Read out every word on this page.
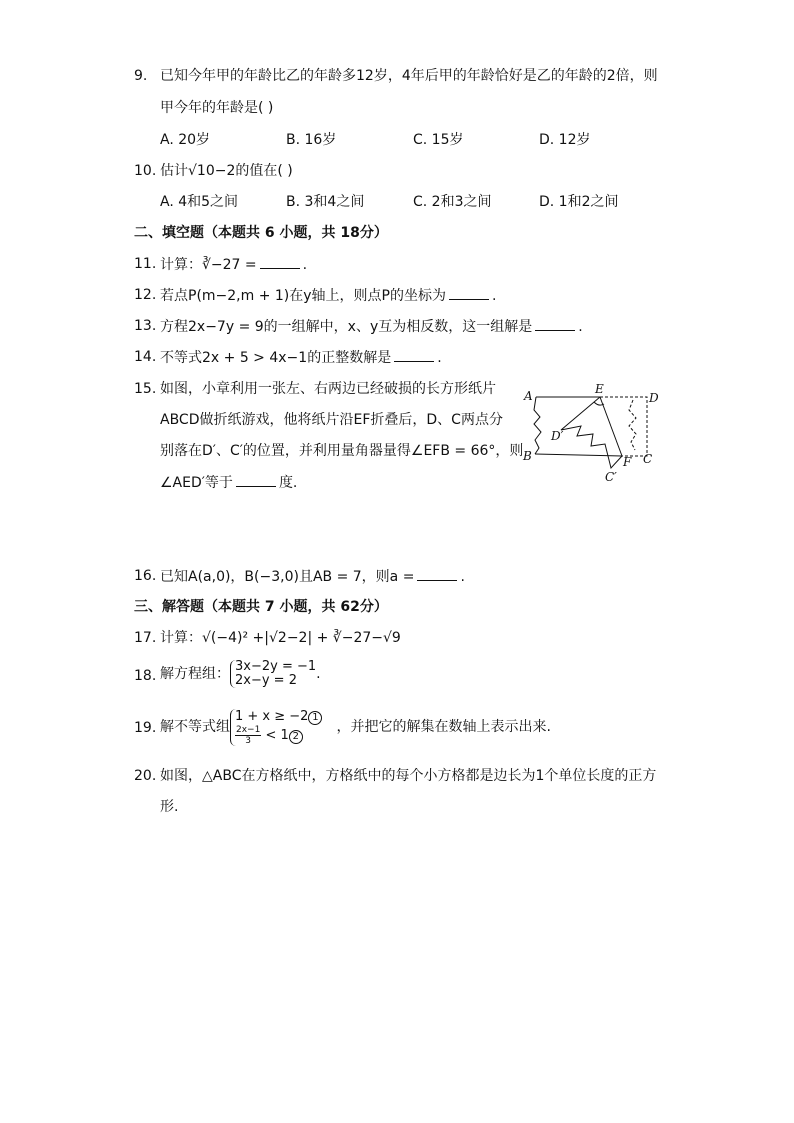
9. 已知今年甲的年龄比乙的年龄多12岁，4年后甲的年龄恰好是乙的年龄的2倍，则
甲今年的年龄是( )
A. 20岁	B. 16岁	C. 15岁	D. 12岁
10. 估计√10−2的值在( )
A. 4和5之间	B. 3和4之间	C. 2和3之间	D. 1和2之间
二、填空题（本题共 6 小题，共 18分）
11. 计算：∛−27 =	.
12. 若点P(m−2,m + 1)在y轴上，则点P的坐标为	.
13. 方程2x−7y = 9的一组解中，x、y互为相反数，这一组解是	.
14. 不等式2x + 5 > 4x−1的正整数解是	.
15. 如图，小章利用一张左、右两边已经破损的长方形纸片
ABCD做折纸游戏，他将纸片沿EF折叠后，D、C两点分
别落在D′、C′的位置，并利用量角器量得∠EFB = 66°，则
∠AED′等于	度.
A	E
D
D′
B	F C
C′
16. 已知A(a,0)，B(−3,0)且AB = 7，则a =	.
三、解答题（本题共 7 小题，共 62分）
17. 计算：√(−4)² +|√2−2| + ∛−27−√9
18. 解方程组： 3x−2y = −1
2x−y = 2	.
19. 解不等式组
1 + x ≥ −2 1
$\frac{2x-1}{3} < 1$ 2
，并把它的解集在数轴上表示出来.
20. 如图，△ABC在方格纸中，方格纸中的每个小方格都是边长为1个单位长度的正方
形.
